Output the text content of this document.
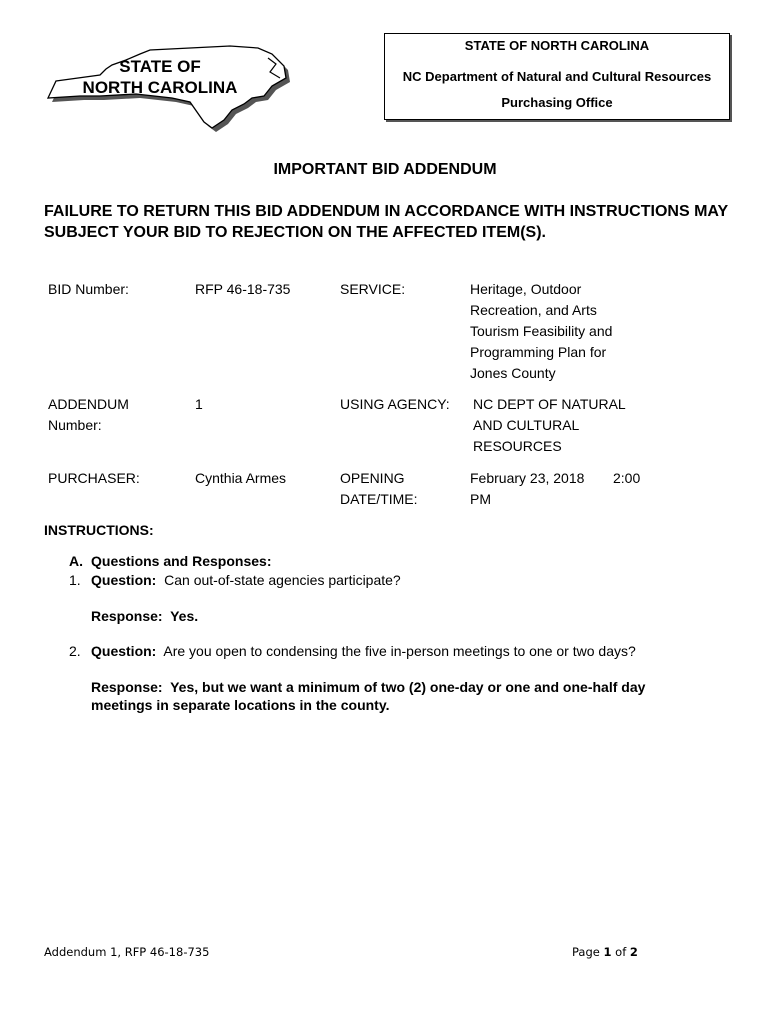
STATE OF
NORTH CAROLINA
STATE OF NORTH CAROLINA
NC Department of Natural and Cultural Resources
Purchasing Office
IMPORTANT BID ADDENDUM
FAILURE TO RETURN THIS BID ADDENDUM IN ACCORDANCE WITH INSTRUCTIONS MAY SUBJECT YOUR BID TO REJECTION ON THE AFFECTED ITEM(S).
BID Number:	RFP 46-18-735	SERVICE:	Heritage, Outdoor
Recreation, and Arts
Tourism Feasibility and
Programming Plan for
Jones County
ADDENDUM
Number:
1	USING AGENCY: NC DEPT OF NATURAL
AND CULTURAL
RESOURCES
PURCHASER:	Cynthia Armes	OPENING
DATE/TIME:
February 23, 2018 2:00
PM
INSTRUCTIONS:
A. Questions and Responses:
1. Question: Can out-of-state agencies participate?
Response: Yes.
2. Question: Are you open to condensing the five in-person meetings to one or two days?
Response: Yes, but we want a minimum of two (2) one-day or one and one-half day
meetings in separate locations in the county.
Addendum 1, RFP 46-18-735	Page 1 of 2
